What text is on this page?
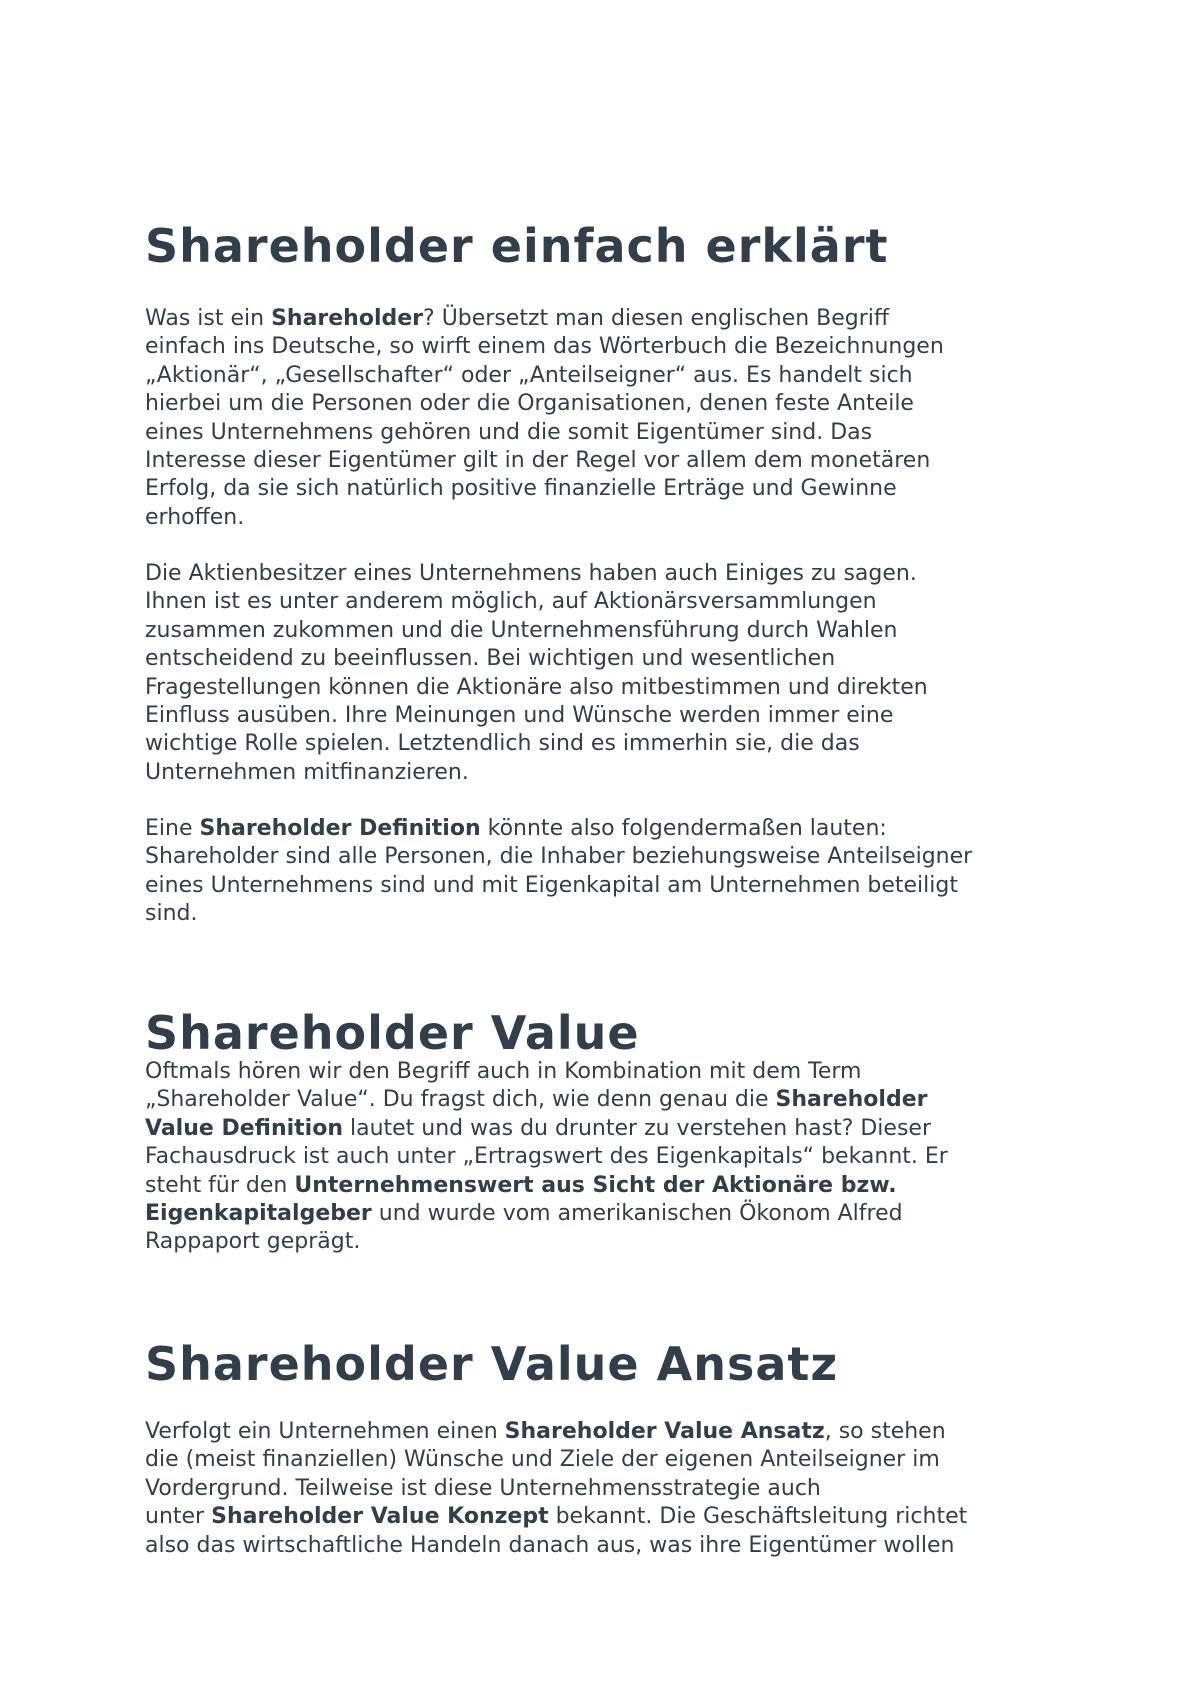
Shareholder einfach erklärt

Was ist ein Shareholder? Übersetzt man diesen englischen Begriff
einfach ins Deutsche, so wirft einem das Wörterbuch die Bezeichnungen
„Aktionär“, „Gesellschafter“ oder „Anteilseigner“ aus. Es handelt sich
hierbei um die Personen oder die Organisationen, denen feste Anteile
eines Unternehmens gehören und die somit Eigentümer sind. Das
Interesse dieser Eigentümer gilt in der Regel vor allem dem monetären
Erfolg, da sie sich natürlich positive finanzielle Erträge und Gewinne
erhoffen.

Die Aktienbesitzer eines Unternehmens haben auch Einiges zu sagen.
Ihnen ist es unter anderem möglich, auf Aktionärsversammlungen
zusammen zukommen und die Unternehmensführung durch Wahlen
entscheidend zu beeinflussen. Bei wichtigen und wesentlichen
Fragestellungen können die Aktionäre also mitbestimmen und direkten
Einfluss ausüben. Ihre Meinungen und Wünsche werden immer eine
wichtige Rolle spielen. Letztendlich sind es immerhin sie, die das
Unternehmen mitfinanzieren.

Eine Shareholder Definition könnte also folgendermaßen lauten:
Shareholder sind alle Personen, die Inhaber beziehungsweise Anteilseigner
eines Unternehmens sind und mit Eigenkapital am Unternehmen beteiligt
sind.

Shareholder Value

Oftmals hören wir den Begriff auch in Kombination mit dem Term
„Shareholder Value“. Du fragst dich, wie denn genau die Shareholder
Value Definition lautet und was du drunter zu verstehen hast? Dieser
Fachausdruck ist auch unter „Ertragswert des Eigenkapitals“ bekannt. Er
steht für den Unternehmenswert aus Sicht der Aktionäre bzw.
Eigenkapitalgeber und wurde vom amerikanischen Ökonom Alfred
Rappaport geprägt.

Shareholder Value Ansatz

Verfolgt ein Unternehmen einen Shareholder Value Ansatz, so stehen
die (meist finanziellen) Wünsche und Ziele der eigenen Anteilseigner im
Vordergrund. Teilweise ist diese Unternehmensstrategie auch
unter Shareholder Value Konzept bekannt. Die Geschäftsleitung richtet
also das wirtschaftliche Handeln danach aus, was ihre Eigentümer wollen
